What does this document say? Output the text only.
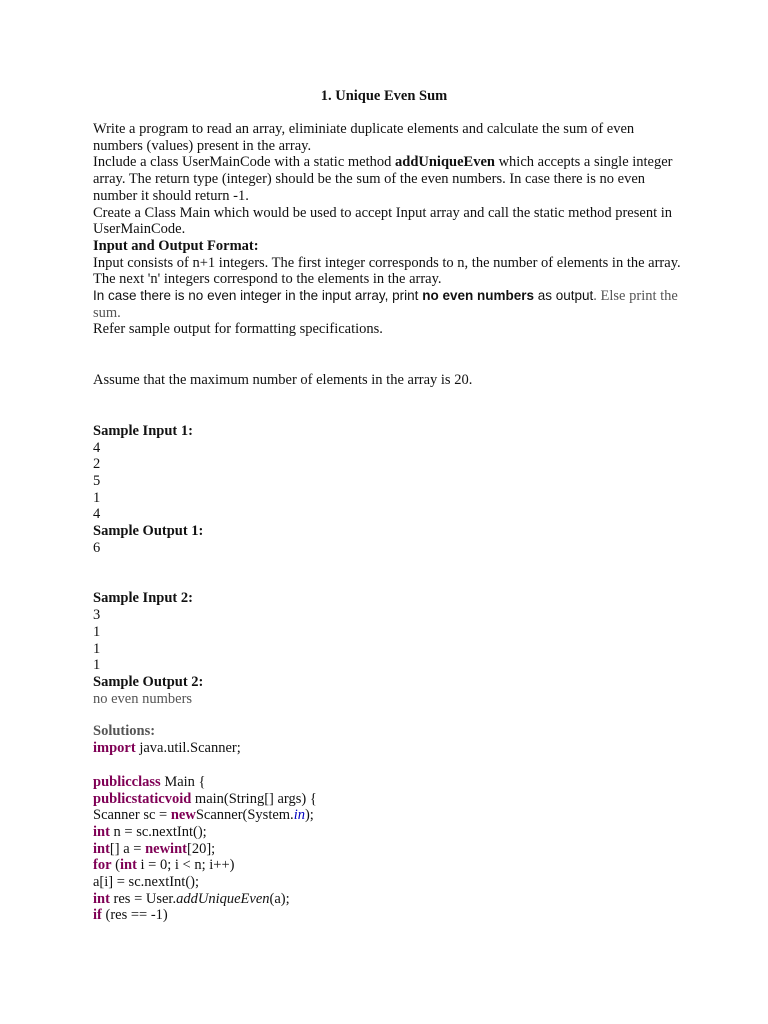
1. Unique Even Sum

Write a program to read an array, eliminiate duplicate elements and calculate the sum of even numbers (values) present in the array.

Include a class UserMainCode with a static method addUniqueEven which accepts a single integer array. The return type (integer) should be the sum of the even numbers. In case there is no even number it should return -1.

Create a Class Main which would be used to accept Input array and call the static method present in UserMainCode.

Input and Output Format:

Input consists of n+1 integers. The first integer corresponds to n, the number of elements in the array. The next 'n' integers correspond to the elements in the array.

In case there is no even integer in the input array, print no even numbers as output. Else print the sum.

Refer sample output for formatting specifications.

Assume that the maximum number of elements in the array is 20.

Sample Input 1:

4

2

5

1

4

Sample Output 1:

6

Sample Input 2:

3

1

1

1

Sample Output 2:

no even numbers

Solutions:

import java.util.Scanner;

publicclass Main {

publicstaticvoid main(String[] args) {

Scanner sc = newScanner(System.in);

int n = sc.nextInt();

int[] a = newint[20];

for (int i = 0; i < n; i++)

a[i] = sc.nextInt();

int res = User.addUniqueEven(a);

if (res == -1)
